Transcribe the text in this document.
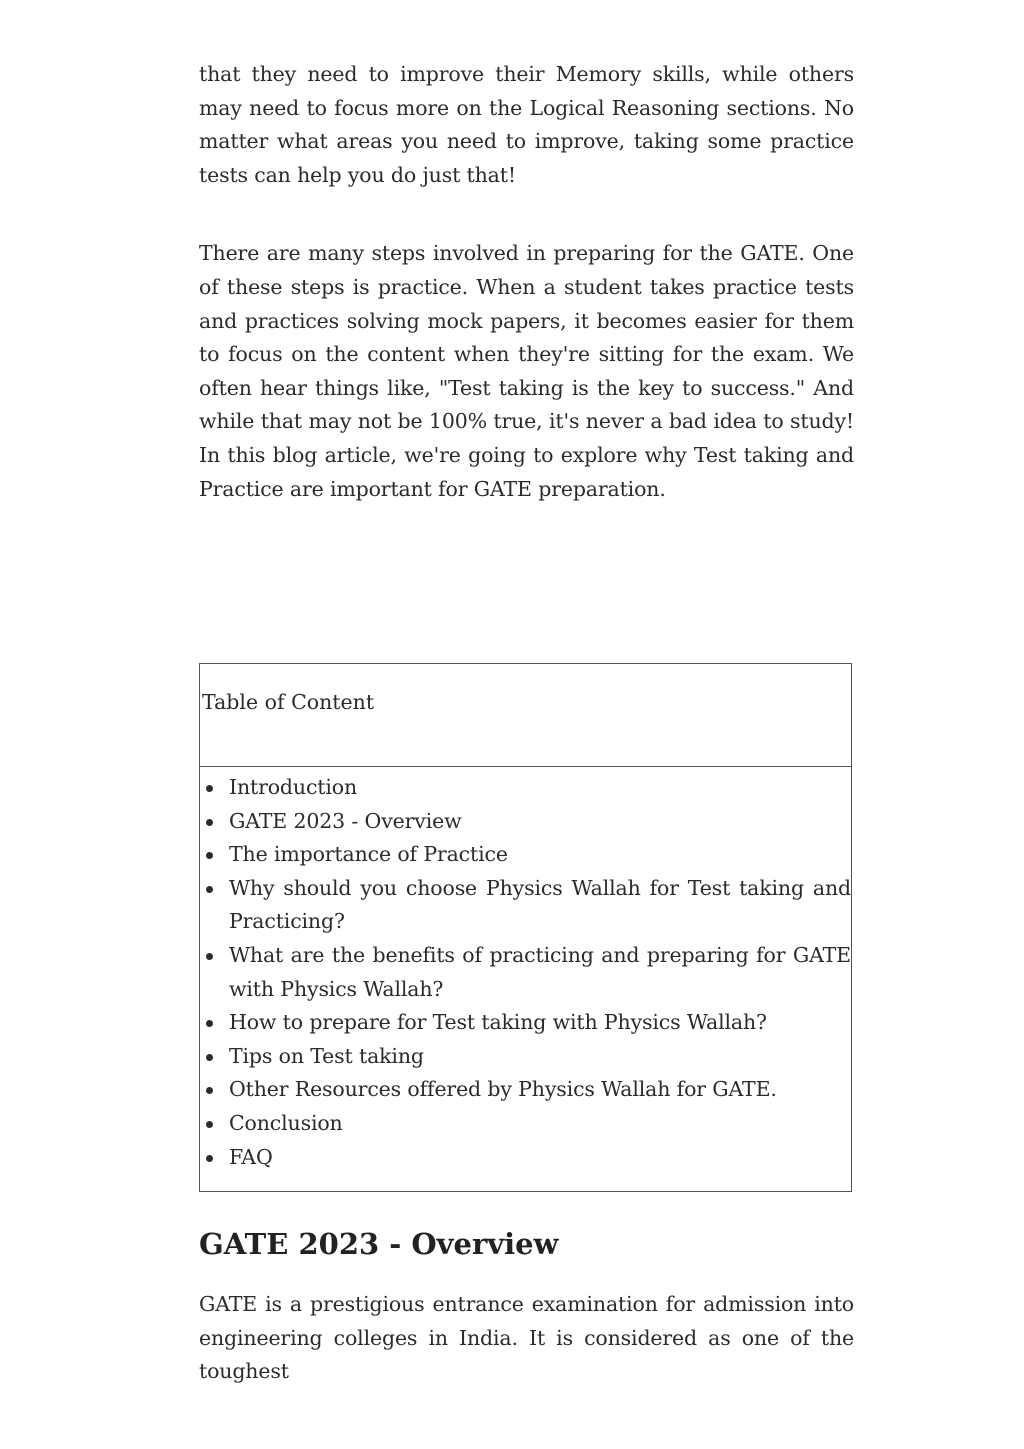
that they need to improve their Memory skills, while others may need to focus more on the Logical Reasoning sections. No matter what areas you need to improve, taking some practice tests can help you do just that!

There are many steps involved in preparing for the GATE. One of these steps is practice. When a student takes practice tests and practices solving mock papers, it becomes easier for them to focus on the content when they're sitting for the exam. We often hear things like, "Test taking is the key to success." And while that may not be 100% true, it's never a bad idea to study! In this blog article, we're going to explore why Test taking and Practice are important for GATE preparation.

Table of Content
Introduction
GATE 2023 - Overview
The importance of Practice
Why should you choose Physics Wallah for Test taking and Practicing?
What are the benefits of practicing and preparing for GATE with Physics Wallah?
How to prepare for Test taking with Physics Wallah?
Tips on Test taking
Other Resources offered by Physics Wallah for GATE.
Conclusion
FAQ
GATE 2023 - Overview

GATE is a prestigious entrance examination for admission into engineering colleges in India. It is considered as one of the toughest
